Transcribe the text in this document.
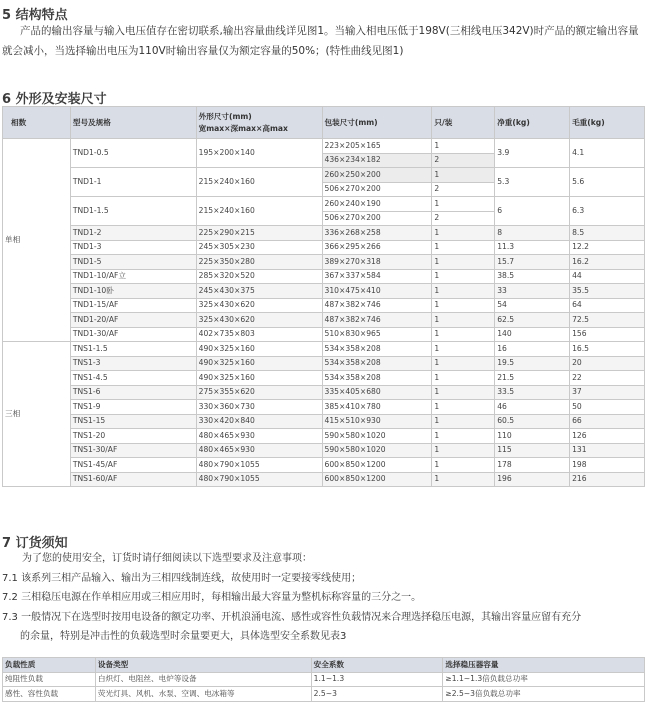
5 结构特点

产品的输出容量与输入电压值存在密切联系,输出容量曲线详见图1。当输入相电压低于198V(三相线电压342V)时产品的额定输出容量就会减小，当选择输出电压为110V时输出容量仅为额定容量的50%；(特性曲线见图1)

6 外形及安装尺寸
相数	型号及规格	外形尺寸(mm)
宽max×深max×高max	包装尺寸(mm)	只/装	净重(kg)	毛重(kg)
单相	TND1-0.5	195×200×140	223×205×165	1	3.9	4.1
			436×234×182	2		
	TND1-1	215×240×160	260×250×200	1	5.3	5.6
			506×270×200	2		
	TND1-1.5	215×240×160	260×240×190	1	6	6.3
			506×270×200	2		
	TND1-2	225×290×215	336×268×258	1	8	8.5
	TND1-3	245×305×230	366×295×266	1	11.3	12.2
	TND1-5	225×350×280	389×270×318	1	15.7	16.2
	TND1-10/AF立	285×320×520	367×337×584	1	38.5	44
	TND1-10卧	245×430×375	310×475×410	1	33	35.5
	TND1-15/AF	325×430×620	487×382×746	1	54	64
	TND1-20/AF	325×430×620	487×382×746	1	62.5	72.5
	TND1-30/AF	402×735×803	510×830×965	1	140	156
三相	TNS1-1.5	490×325×160	534×358×208	1	16	16.5
	TNS1-3	490×325×160	534×358×208	1	19.5	20
	TNS1-4.5	490×325×160	534×358×208	1	21.5	22
	TNS1-6	275×355×620	335×405×680	1	33.5	37
	TNS1-9	330×360×730	385×410×780	1	46	50
	TNS1-15	330×420×840	415×510×930	1	60.5	66
	TNS1-20	480×465×930	590×580×1020	1	110	126
	TNS1-30/AF	480×465×930	590×580×1020	1	115	131
	TNS1-45/AF	480×790×1055	600×850×1200	1	178	198
	TNS1-60/AF	480×790×1055	600×850×1200	1	196	216
7 订货须知

为了您的使用安全，订货时请仔细阅读以下选型要求及注意事项：

7.1 该系列三相产品输入、输出为三相四线制连线，故使用时一定要接零线使用；

7.2 三相稳压电源在作单相应用或三相应用时，每相输出最大容量为整机标称容量的三分之一。

7.3 一般情况下在选型时按用电设备的额定功率、开机浪涌电流、感性或容性负载情况来合理选择稳压电源，其输出容量应留有充分

的余量，特别是冲击性的负载选型时余量要更大，具体选型安全系数见表3

负载性质	设备类型	安全系数	选择稳压器容量
纯阻性负载	白炽灯、电阻丝、电炉等设备	1.1~1.3	≥1.1~1.3倍负载总功率
感性、容性负载	荧光灯具、风机、水泵、空调、电冰箱等	2.5~3	≥2.5~3倍负载总功率
